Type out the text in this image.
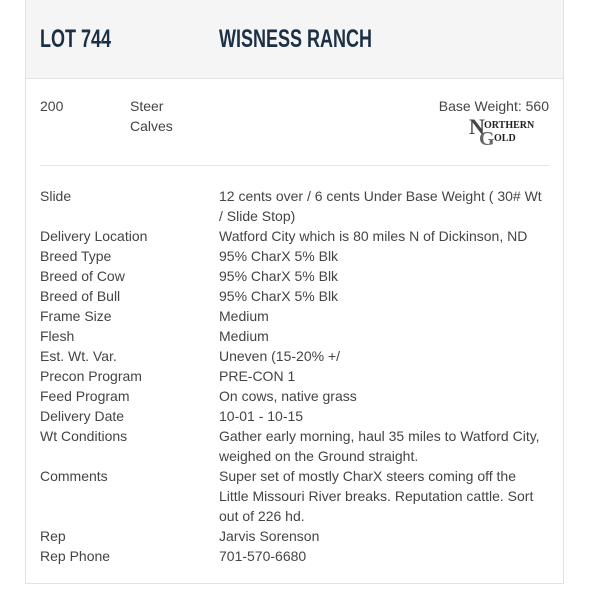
LOT 744	WISNESS RANCH
200	Steer Calves
Base Weight: 560
N ORTHERN
G OLD
Slide	12 cents over / 6 cents Under Base Weight ( 30# Wt / Slide Stop)
Delivery Location	Watford City which is 80 miles N of Dickinson, ND
Breed Type	95% CharX 5% Blk
Breed of Cow	95% CharX 5% Blk
Breed of Bull	95% CharX 5% Blk
Frame Size	Medium
Flesh	Medium
Est. Wt. Var.	Uneven (15-20% +/
Precon Program	PRE-CON 1
Feed Program	On cows, native grass
Delivery Date	10-01 - 10-15
Wt Conditions	Gather early morning, haul 35 miles to Watford City, weighed on the Ground straight.
Comments	Super set of mostly CharX steers coming off the Little Missouri River breaks. Reputation cattle. Sort out of 226 hd.
Rep	Jarvis Sorenson
Rep Phone	701-570-6680
